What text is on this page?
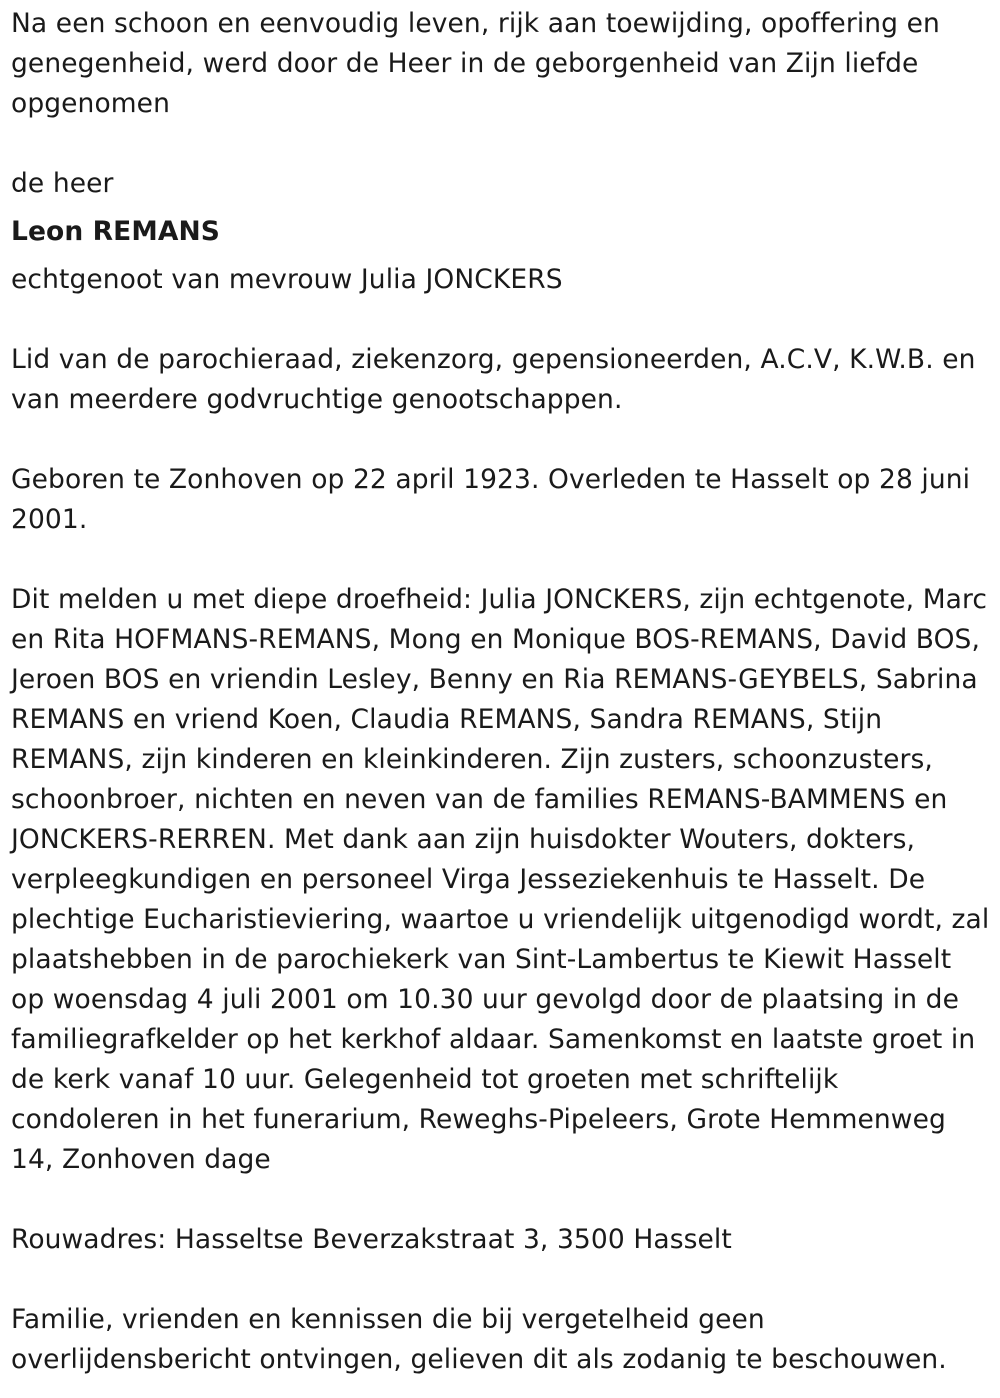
Na een schoon en eenvoudig leven, rijk aan toewijding, opoffering en genegenheid, werd door de Heer in de geborgenheid van Zijn liefde opgenomen

de heer

Leon REMANS

echtgenoot van mevrouw Julia JONCKERS

Lid van de parochieraad, ziekenzorg, gepensioneerden, A.C.V, K.W.B. en van meerdere godvruchtige genootschappen.

Geboren te Zonhoven op 22 april 1923. Overleden te Hasselt op 28 juni 2001.

Dit melden u met diepe droefheid: Julia JONCKERS, zijn echtgenote, Marc en Rita HOFMANS-REMANS, Mong en Monique BOS-REMANS, David BOS, Jeroen BOS en vriendin Lesley, Benny en Ria REMANS-GEYBELS, Sabrina REMANS en vriend Koen, Claudia REMANS, Sandra REMANS, Stijn REMANS, zijn kinderen en kleinkinderen. Zijn zusters, schoonzusters, schoonbroer, nichten en neven van de families REMANS-BAMMENS en JONCKERS-RERREN. Met dank aan zijn huisdokter Wouters, dokters, verpleegkundigen en personeel Virga Jesseziekenhuis te Hasselt. De plechtige Eucharistieviering, waartoe u vriendelijk uitgenodigd wordt, zal plaatshebben in de parochiekerk van Sint-Lambertus te Kiewit Hasselt op woensdag 4 juli 2001 om 10.30 uur gevolgd door de plaatsing in de familiegrafkelder op het kerkhof aldaar. Samenkomst en laatste groet in de kerk vanaf 10 uur. Gelegenheid tot groeten met schriftelijk condoleren in het funerarium, Reweghs-Pipeleers, Grote Hemmenweg 14, Zonhoven dage

Rouwadres: Hasseltse Beverzakstraat 3, 3500 Hasselt

Familie, vrienden en kennissen die bij vergetelheid geen overlijdensbericht ontvingen, gelieven dit als zodanig te beschouwen.
